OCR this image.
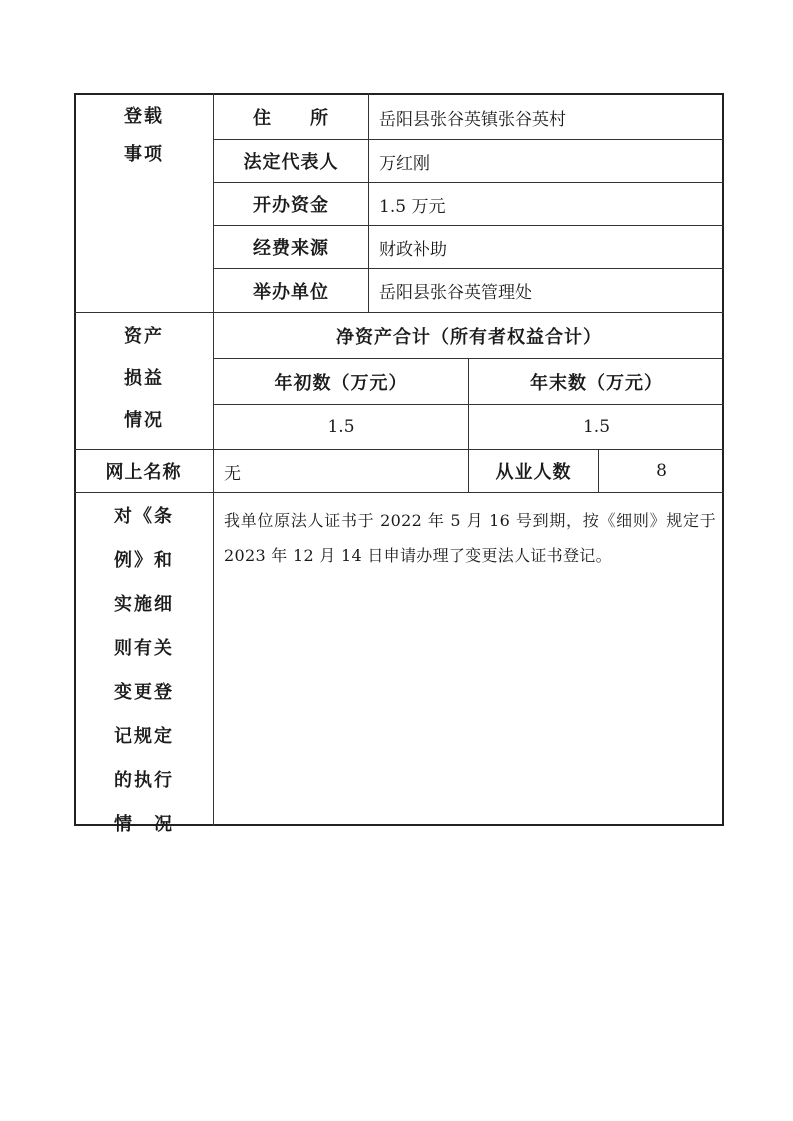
登载
事项
住　　所	岳阳县张谷英镇张谷英村
法定代表人	万红刚
开办资金	1.5 万元
经费来源	财政补助
举办单位	岳阳县张谷英管理处
资产
损益
情况
净资产合计（所有者权益合计）
年初数（万元）	年末数（万元）
1.5	1.5
网上名称	无	从业人数	8
对《条
例》和
实施细
则有关
变更登
记规定
的执行
情　况
我单位原法人证书于 2022 年 5 月 16 号到期，按《细则》规定于 2023 年 12 月 14 日申请办理了变更法人证书登记。
